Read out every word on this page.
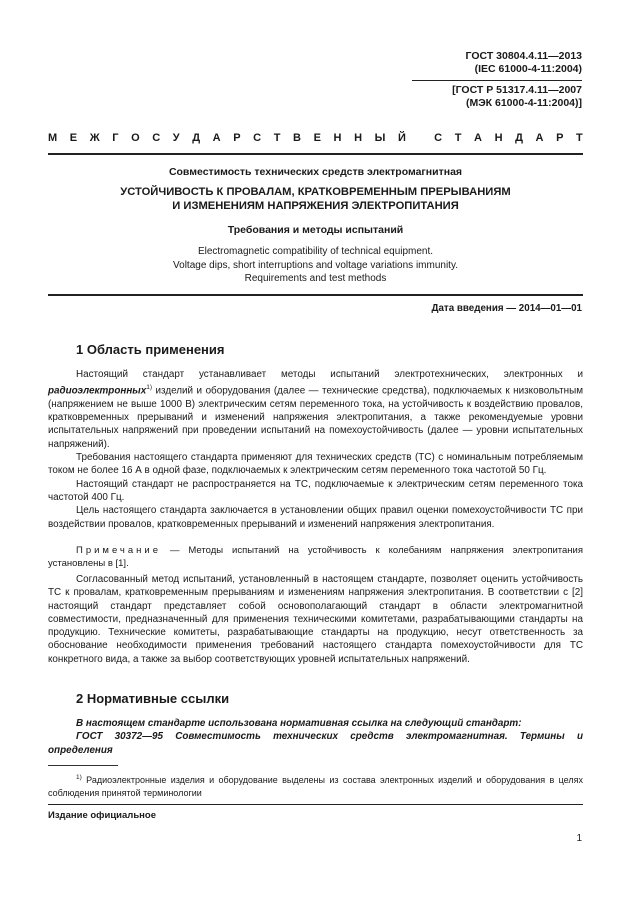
ГОСТ 30804.4.11—2013
(IEC 61000-4-11:2004)
[ГОСТ Р 51317.4.11—2007
(МЭК 61000-4-11:2004)]
М Е Ж Г О С У Д А Р С Т В Е Н Н Ы Й
	С Т А Н Д А Р Т
Совместимость технических средств электромагнитная
УСТОЙЧИВОСТЬ К ПРОВАЛАМ, КРАТКОВРЕМЕННЫМ ПРЕРЫВАНИЯМ
И ИЗМЕНЕНИЯМ НАПРЯЖЕНИЯ ЭЛЕКТРОПИТАНИЯ
Требования и методы испытаний
Electromagnetic compatibility of technical equipment.
Voltage dips, short interruptions and voltage variations immunity.
Requirements and test methods
Дата введения — 2014—01—01
1 Область применения

Настоящий стандарт устанавливает методы испытаний электротехнических, электронных и радиоэлектронных$^{1)}$ изделий и оборудования (далее — технические средства), подключаемых к низковольтным (напряжением не выше 1000 В) электрическим сетям переменного тока, на устойчивость к воздействию провалов, кратковременных прерываний и изменений напряжения электропитания, а также рекомендуемые уровни испытательных напряжений при проведении испытаний на помехоустойчивость (далее — уровни испытательных напряжений).

Требования настоящего стандарта применяют для технических средств (ТС) с номинальным потребляемым током не более 16 А в одной фазе, подключаемых к электрическим сетям переменного тока частотой 50 Гц.

Настоящий стандарт не распространяется на ТС, подключаемые к электрическим сетям переменного тока частотой 400 Гц.

Цель настоящего стандарта заключается в установлении общих правил оценки помехоустойчивости ТС при воздействии провалов, кратковременных прерываний и изменений напряжения электропитания.

Примечание — Методы испытаний на устойчивость к колебаниям напряжения электропитания установлены в [1].

Согласованный метод испытаний, установленный в настоящем стандарте, позволяет оценить устойчивость ТС к провалам, кратковременным прерываниям и изменениям напряжения электропитания. В соответствии с [2] настоящий стандарт представляет собой основополагающий стандарт в области электромагнитной совместимости, предназначенный для применения техническими комитетами, разрабатывающими стандарты на продукцию. Технические комитеты, разрабатывающие стандарты на продукцию, несут ответственность за обоснование необходимости применения требований настоящего стандарта помехоустойчивости для ТС конкретного вида, а также за выбор соответствующих уровней испытательных напряжений.

2 Нормативные ссылки

В настоящем стандарте использована нормативная ссылка на следующий стандарт:

ГОСТ 30372—95 Совместимость технических средств электромагнитная. Термины и определения

$^{1)}$ Радиоэлектронные изделия и оборудование выделены из состава электронных изделий и оборудования в целях соблюдения принятой терминологии

Издание официальное
1
